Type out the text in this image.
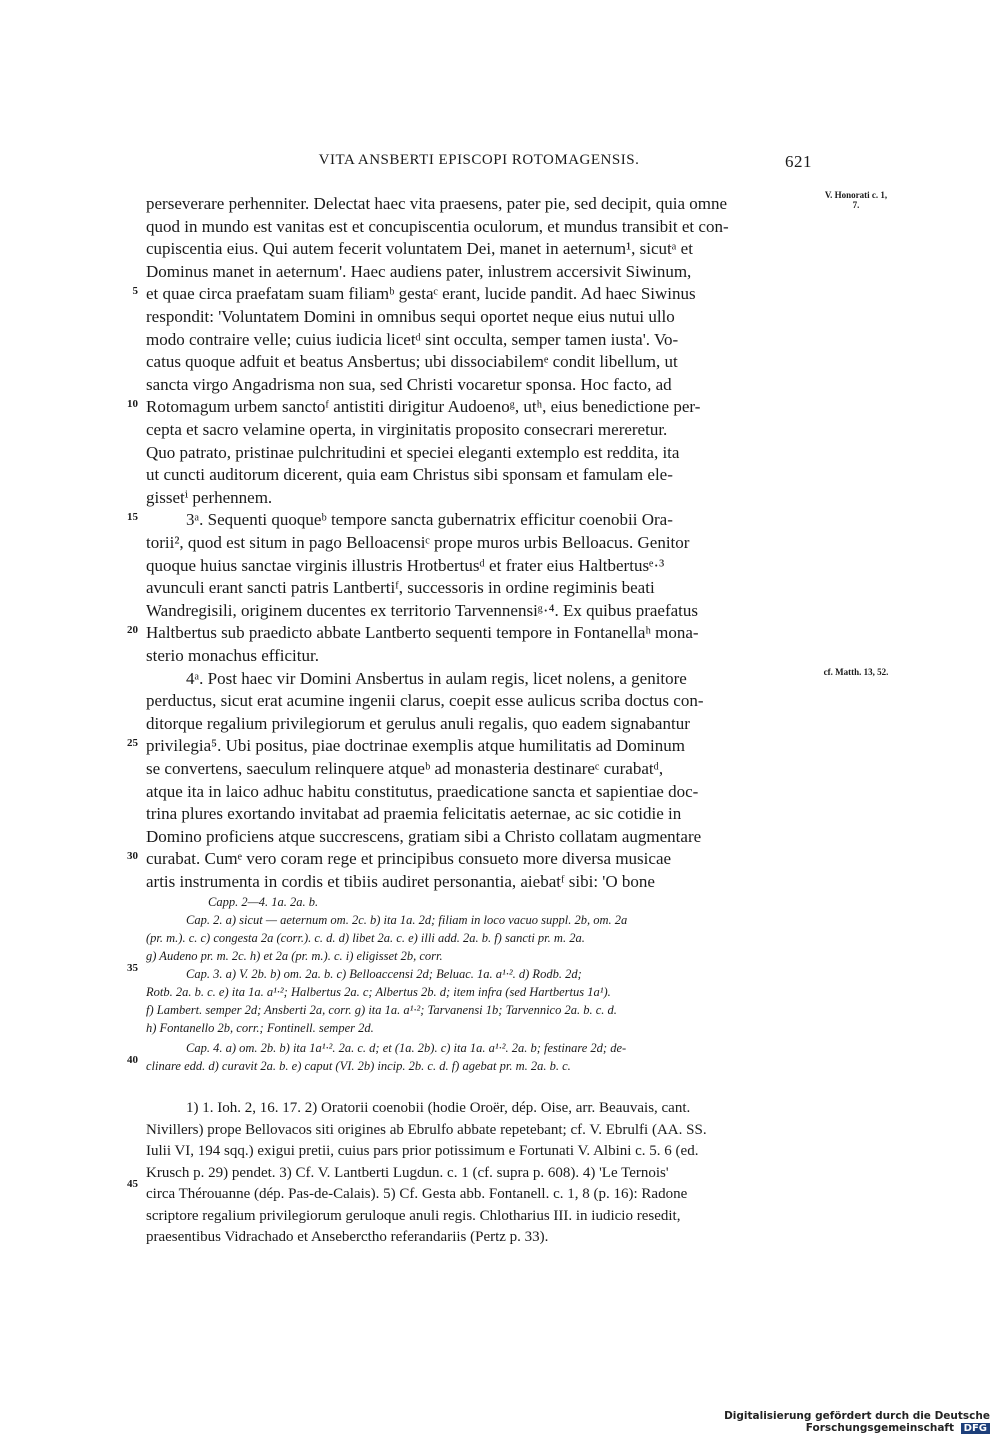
VITA ANSBERTI EPISCOPI ROTOMAGENSIS.	621
V. Honorati c. 1, 7.
cf. Matth. 13, 52.
5
10
15
20
25
30
35
40
45
perseverare perhenniter. Delectat haec vita praesens, pater pie, sed decipit, quia omne
quod in mundo est vanitas est et concupiscentia oculorum, et mundus transibit et con-
cupiscentia eius. Qui autem fecerit voluntatem Dei, manet in aeternum¹, sicutᵃ et
Dominus manet in aeternum'. Haec audiens pater, inlustrem accersivit Siwinum,
et quae circa praefatam suam filiamᵇ gestaᶜ erant, lucide pandit. Ad haec Siwinus
respondit: 'Voluntatem Domini in omnibus sequi oportet neque eius nutui ullo
modo contraire velle; cuius iudicia licetᵈ sint occulta, semper tamen iusta'. Vo-
catus quoque adfuit et beatus Ansbertus; ubi dissociabilemᵉ condit libellum, ut
sancta virgo Angadrisma non sua, sed Christi vocaretur sponsa. Hoc facto, ad
Rotomagum urbem sanctoᶠ antistiti dirigitur Audoenoᵍ, utʰ, eius benedictione per-
cepta et sacro velamine operta, in virginitatis proposito consecrari mereretur.
Quo patrato, pristinae pulchritudini et speciei eleganti extemplo est reddita, ita
ut cuncti auditorum dicerent, quia eam Christus sibi sponsam et famulam ele-
gissetⁱ perhennem.
3ᵃ. Sequenti quoqueᵇ tempore sancta gubernatrix efficitur coenobii Ora-
torii², quod est situm in pago Belloacensiᶜ prope muros urbis Belloacus. Genitor
quoque huius sanctae virginis illustris Hrotbertusᵈ et frater eius Haltbertusᵉ·³
avunculi erant sancti patris Lantbertiᶠ, successoris in ordine regiminis beati
Wandregisili, originem ducentes ex territorio Tarvennensiᵍ·⁴. Ex quibus praefatus
Haltbertus sub praedicto abbate Lantberto sequenti tempore in Fontanellaʰ mona-
sterio monachus efficitur.
4ᵃ. Post haec vir Domini Ansbertus in aulam regis, licet nolens, a genitore
perductus, sicut erat acumine ingenii clarus, coepit esse aulicus scriba doctus con-
ditorque regalium privilegiorum et gerulus anuli regalis, quo eadem signabantur
privilegia⁵. Ubi positus, piae doctrinae exemplis atque humilitatis ad Dominum
se convertens, saeculum relinquere atqueᵇ ad monasteria destinareᶜ curabatᵈ,
atque ita in laico adhuc habitu constitutus, praedicatione sancta et sapientiae doc-
trina plures exortando invitabat ad praemia felicitatis aeternae, ac sic cotidie in
Domino proficiens atque succrescens, gratiam sibi a Christo collatam augmentare
curabat. Cumᵉ vero coram rege et principibus consueto more diversa musicae
artis instrumenta in cordis et tibiis audiret personantia, aiebatᶠ sibi: 'O bone
Capp. 2—4. 1a. 2a. b.
Cap. 2. a) sicut — aeternum om. 2c. b) ita 1a. 2d; filiam in loco vacuo suppl. 2b, om. 2a
(pr. m.). c. c) congesta 2a (corr.). c. d. d) libet 2a. c. e) illi add. 2a. b. f) sancti pr. m. 2a.
g) Audeno pr. m. 2c. h) et 2a (pr. m.). c. i) eligisset 2b, corr.
Cap. 3. a) V. 2b. b) om. 2a. b. c) Belloaccensi 2d; Beluac. 1a. a¹·². d) Rodb. 2d;
Rotb. 2a. b. c. e) ita 1a. a¹·²; Halbertus 2a. c; Albertus 2b. d; item infra (sed Hartbertus 1a¹).
f) Lambert. semper 2d; Ansberti 2a, corr. g) ita 1a. a¹·²; Tarvanensi 1b; Tarvennico 2a. b. c. d.
h) Fontanello 2b, corr.; Fontinell. semper 2d.
Cap. 4. a) om. 2b. b) ita 1a¹·². 2a. c. d; et (1a. 2b). c) ita 1a. a¹·². 2a. b; festinare 2d; de-
clinare edd. d) curavit 2a. b. e) caput (VI. 2b) incip. 2b. c. d. f) agebat pr. m. 2a. b. c.
1) 1. Ioh. 2, 16. 17. 2) Oratorii coenobii (hodie Oroër, dép. Oise, arr. Beauvais, cant.
Nivillers) prope Bellovacos siti origines ab Ebrulfo abbate repetebant; cf. V. Ebrulfi (AA. SS.
Iulii VI, 194 sqq.) exigui pretii, cuius pars prior potissimum e Fortunati V. Albini c. 5. 6 (ed.
Krusch p. 29) pendet. 3) Cf. V. Lantberti Lugdun. c. 1 (cf. supra p. 608). 4) 'Le Ternois'
circa Thérouanne (dép. Pas-de-Calais). 5) Cf. Gesta abb. Fontanell. c. 1, 8 (p. 16): Radone
scriptore regalium privilegiorum geruloque anuli regis. Chlotharius III. in iudicio resedit,
praesentibus Vidrachado et Anseberctho referandariis (Pertz p. 33).
Digitalisierung gefördert durch die Deutsche Forschungsgemeinschaft DFG
